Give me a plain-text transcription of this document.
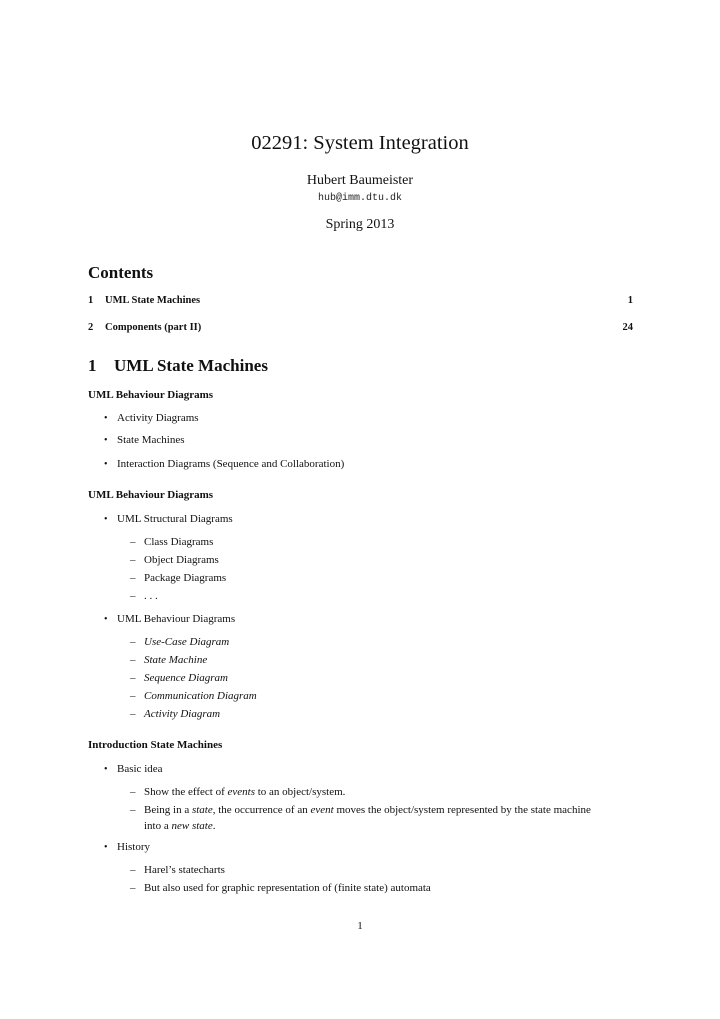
02291: System Integration
Hubert Baumeister
hub@imm.dtu.dk
Spring 2013
Contents
1	UML State Machines	1
2	Components (part II)	24
1 UML State Machines
UML Behaviour Diagrams
• Activity Diagrams
• State Machines
• Interaction Diagrams (Sequence and Collaboration)
UML Behaviour Diagrams
• UML Structural Diagrams
– Class Diagrams
– Object Diagrams
– Package Diagrams
– . . .
• UML Behaviour Diagrams
– Use-Case Diagram
– State Machine
– Sequence Diagram
– Communication Diagram
– Activity Diagram
Introduction State Machines
• Basic idea
– Show the effect of events to an object/system.
– Being in a state, the occurrence of an event moves the object/system represented by the state machine
into a new state.
• History
– Harel’s statecharts
– But also used for graphic representation of (finite state) automata
1
